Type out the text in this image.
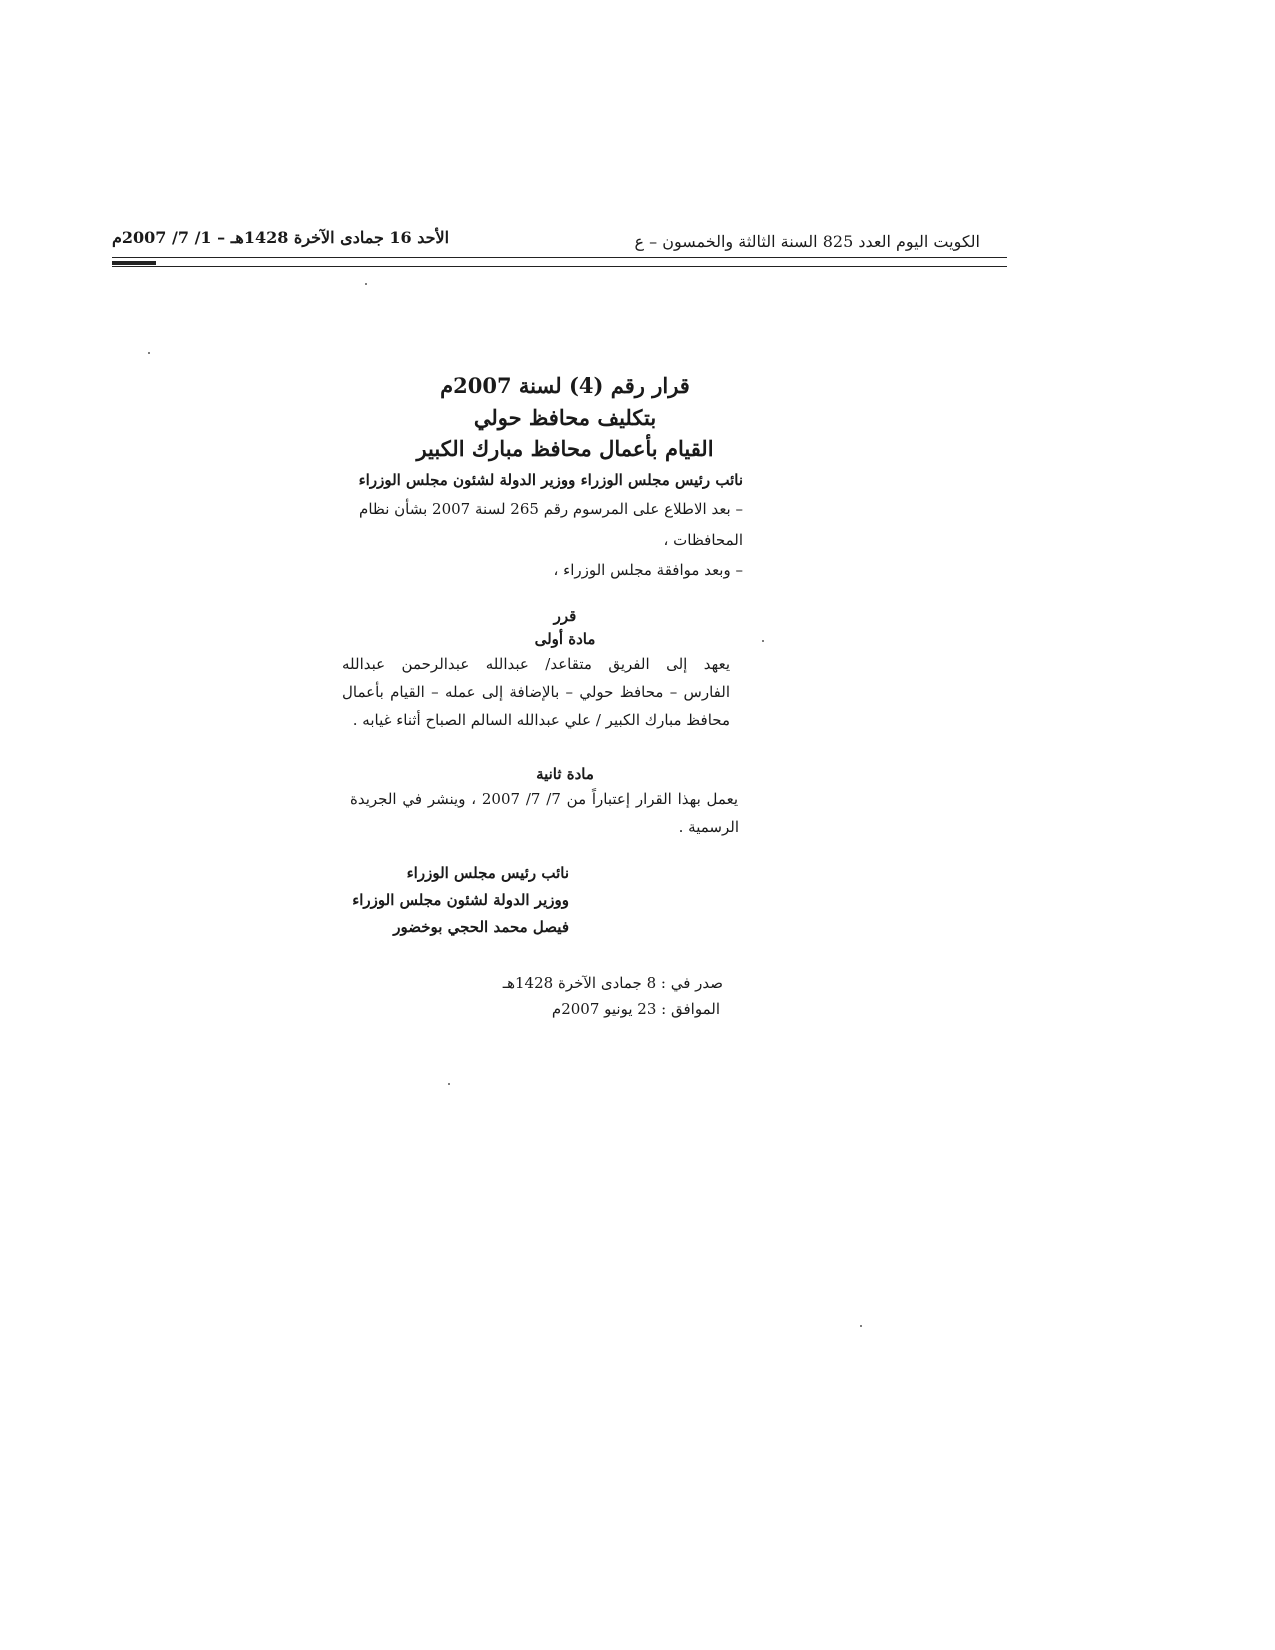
الكويت اليوم العدد 825 السنة الثالثة والخمسون – ع
الأحد 16 جمادى الآخرة 1428هـ – 1/ 7/ 2007م
قرار رقم (4) لسنة 2007م
بتكليف محافظ حولي
القيام بأعمال محافظ مبارك الكبير
نائب رئيس مجلس الوزراء ووزير الدولة لشئون مجلس الوزراء
– بعد الاطلاع على المرسوم رقم 265 لسنة 2007 بشأن نظام
المحافظات ،
– وبعد موافقة مجلس الوزراء ،
قرر
مادة أولى
يعهد إلى الفريق متقاعد/ عبدالله عبدالرحمن عبدالله
الفارس – محافظ حولي – بالإضافة إلى عمله – القيام بأعمال
محافظ مبارك الكبير / علي عبدالله السالم الصباح أثناء غيابه .
مادة ثانية
يعمل بهذا القرار إعتباراً من 7/ 7/ 2007 ، وينشر في الجريدة
الرسمية .
نائب رئيس مجلس الوزراء
ووزير الدولة لشئون مجلس الوزراء
فيصل محمد الحجي بوخضور
صدر في : 8 جمادى الآخرة 1428هـ
الموافق : 23 يونيو 2007م
